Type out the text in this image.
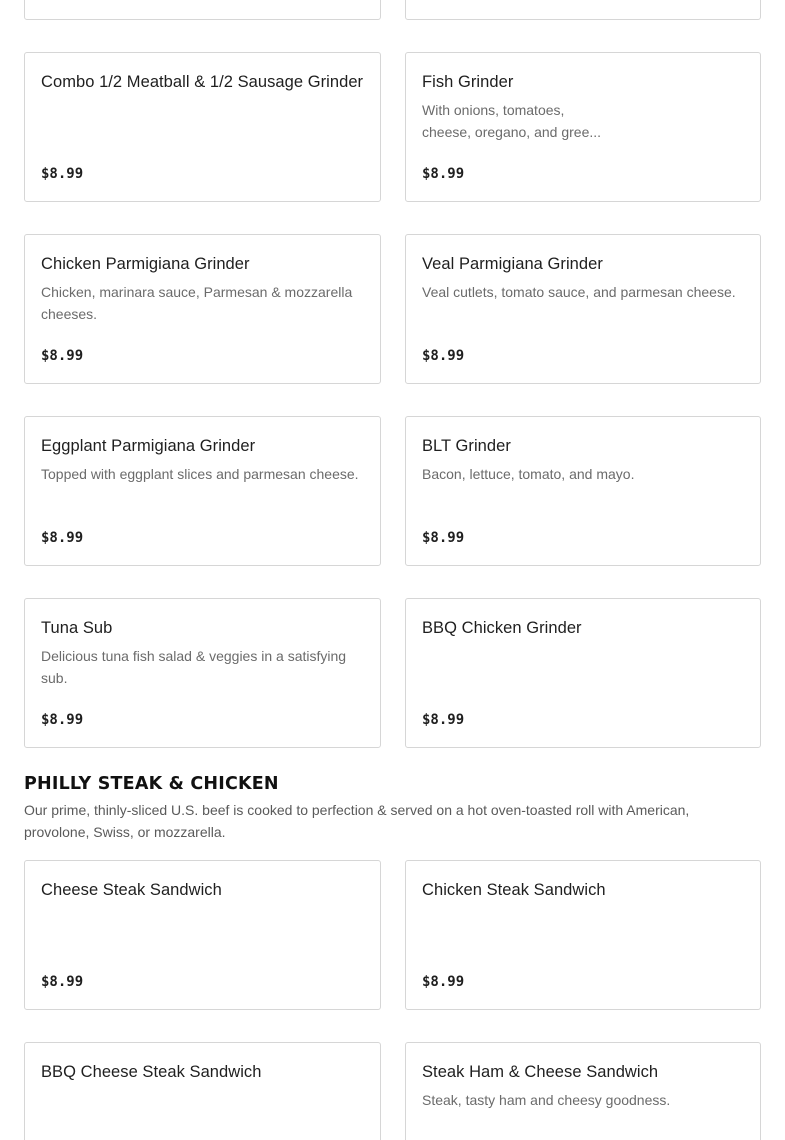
Combo 1/2 Meatball & 1/2 Sausage Grinder
$8.99
Fish Grinder
With onions, tomatoes, cheese, oregano, and gree...
$8.99
Chicken Parmigiana Grinder
Chicken, marinara sauce, Parmesan & mozzarella cheeses.
$8.99
Veal Parmigiana Grinder
Veal cutlets, tomato sauce, and parmesan cheese.
$8.99
Eggplant Parmigiana Grinder
Topped with eggplant slices and parmesan cheese.
$8.99
BLT Grinder
Bacon, lettuce, tomato, and mayo.
$8.99
Tuna Sub
Delicious tuna fish salad & veggies in a satisfying sub.
$8.99
BBQ Chicken Grinder
$8.99
PHILLY STEAK & CHICKEN
Our prime, thinly-sliced U.S. beef is cooked to perfection & served on a hot oven-toasted roll with American, provolone, Swiss, or mozzarella.
Cheese Steak Sandwich
$8.99
Chicken Steak Sandwich
$8.99
BBQ Cheese Steak Sandwich	Steak Ham & Cheese Sandwich
Steak, tasty ham and cheesy goodness.
